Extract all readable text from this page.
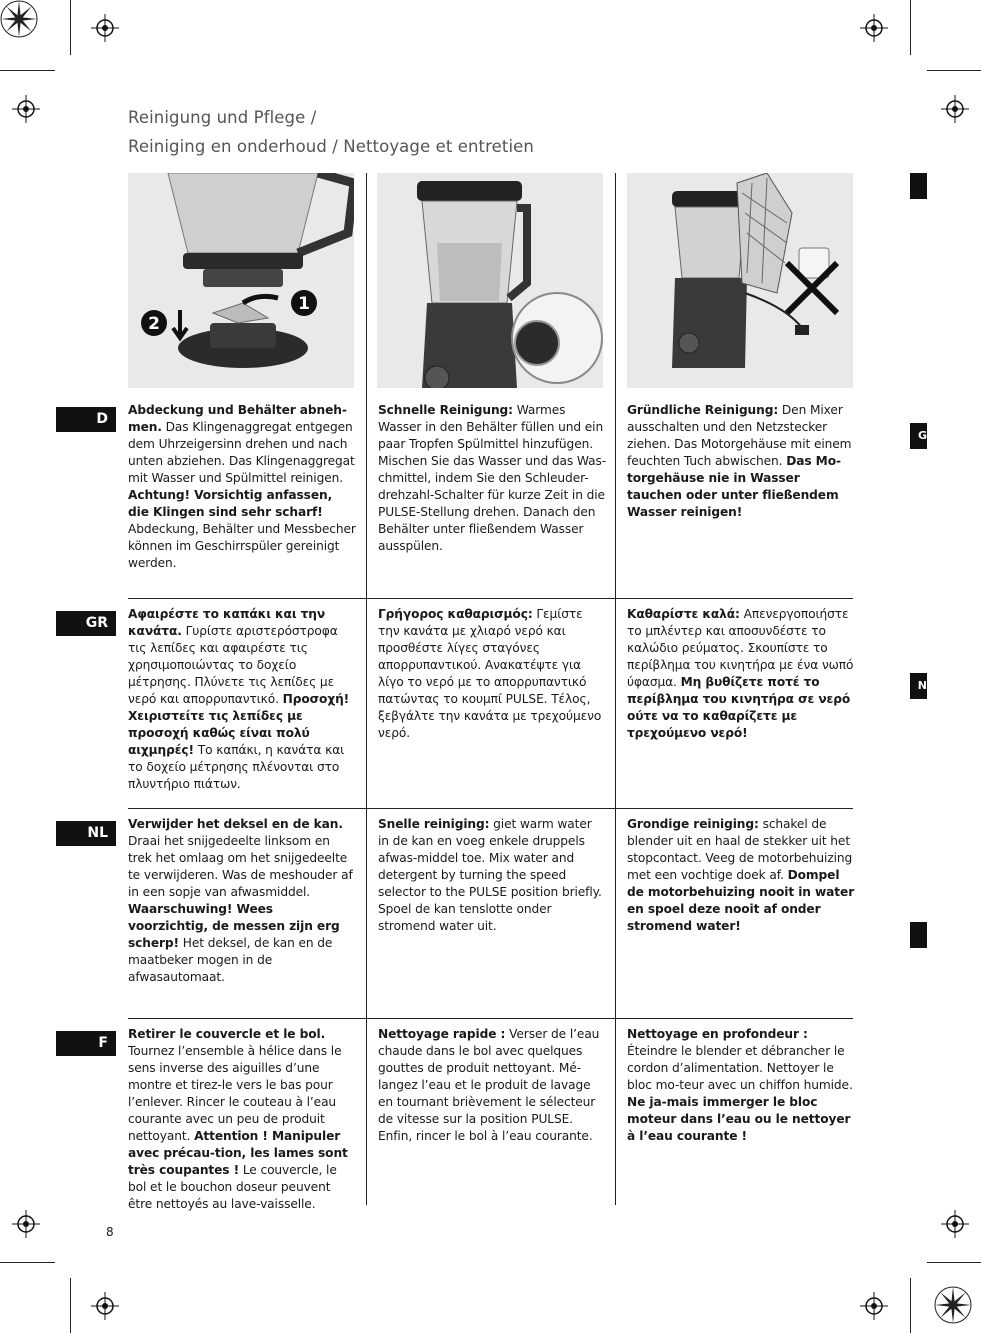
Reinigung und Pflege /
Reiniging en onderhoud / Nettoyage et entretien
1
2
D
GR
NL
F
G
N
Abdeckung und Behälter abneh-men. Das Klingenaggregat entgegen dem Uhrzeigersinn drehen und nach unten abziehen. Das Klingenaggregat mit Wasser und Spülmittel reinigen. Achtung! Vorsichtig anfassen, die Klingen sind sehr scharf! Abdeckung, Behälter und Messbecher können im Geschirrspüler gereinigt werden.
Schnelle Reinigung: Warmes Wasser in den Behälter füllen und ein paar Tropfen Spülmittel hinzufügen. Mischen Sie das Wasser und das Was-chmittel, indem Sie den Schleuder-drehzahl-Schalter für kurze Zeit in die PULSE-Stellung drehen. Danach den Behälter unter fließendem Wasser ausspülen.
Gründliche Reinigung: Den Mixer ausschalten und den Netzstecker ziehen. Das Motorgehäuse mit einem feuchten Tuch abwischen. Das Mo-torgehäuse nie in Wasser tauchen oder unter fließendem Wasser reinigen!
Αφαιρέστε το καπάκι και την κανάτα. Γυρίστε αριστερόστροφα τις λεπίδες και αφαιρέστε τις χρησιμοποιώντας το δοχείο μέτρησης. Πλύνετε τις λεπίδες με νερό και απορρυπαντικό. Προσοχή! Χειριστείτε τις λεπίδες με προσοχή καθώς είναι πολύ αιχμηρές! Το καπάκι, η κανάτα και το δοχείο μέτρησης πλένονται στο πλυντήριο πιάτων.
Γρήγορος καθαρισμός: Γεμίστε την κανάτα με χλιαρό νερό και προσθέστε λίγες σταγόνες απορρυπαντικού. Ανακατέψτε για λίγο το νερό με το απορρυπαντικό πατώντας το κουμπί PULSE. Τέλος, ξεβγάλτε την κανάτα με τρεχούμενο νερό.
Καθαρίστε καλά: Απενεργοποιήστε το μπλέντερ και αποσυνδέστε το καλώδιο ρεύματος. Σκουπίστε το περίβλημα του κινητήρα με ένα νωπό ύφασμα. Μη βυθίζετε ποτέ το περίβλημα του κινητήρα σε νερό ούτε να το καθαρίζετε με τρεχούμενο νερό!
Verwijder het deksel en de kan. Draai het snijgedeelte linksom en trek het omlaag om het snijgedeelte te verwijderen. Was de meshouder af in een sopje van afwasmiddel. Waarschuwing! Wees voorzichtig, de messen zijn erg scherp! Het deksel, de kan en de maatbeker mogen in de afwasautomaat.
Snelle reiniging: giet warm water in de kan en voeg enkele druppels afwas-middel toe. Mix water and detergent by turning the speed selector to the PULSE position briefly. Spoel de kan tenslotte onder stromend water uit.
Grondige reiniging: schakel de blender uit en haal de stekker uit het stopcontact. Veeg de motorbehuizing met een vochtige doek af. Dompel de motorbehuizing nooit in water en spoel deze nooit af onder stromend water!
Retirer le couvercle et le bol. Tournez l’ensemble à hélice dans le sens inverse des aiguilles d’une montre et tirez-le vers le bas pour l’enlever. Rincer le couteau à l’eau courante avec un peu de produit nettoyant. Attention ! Manipuler avec précau-tion, les lames sont très coupantes ! Le couvercle, le bol et le bouchon doseur peuvent être nettoyés au lave-vaisselle.
Nettoyage rapide : Verser de l’eau chaude dans le bol avec quelques gouttes de produit nettoyant. Mé-langez l’eau et le produit de lavage en tournant brièvement le sélecteur de vitesse sur la position PULSE. Enfin, rincer le bol à l’eau courante.
Nettoyage en profondeur : Éteindre le blender et débrancher le cordon d’alimentation. Nettoyer le bloc mo-teur avec un chiffon humide. Ne ja-mais immerger le bloc moteur dans l’eau ou le nettoyer à l’eau courante !
8
